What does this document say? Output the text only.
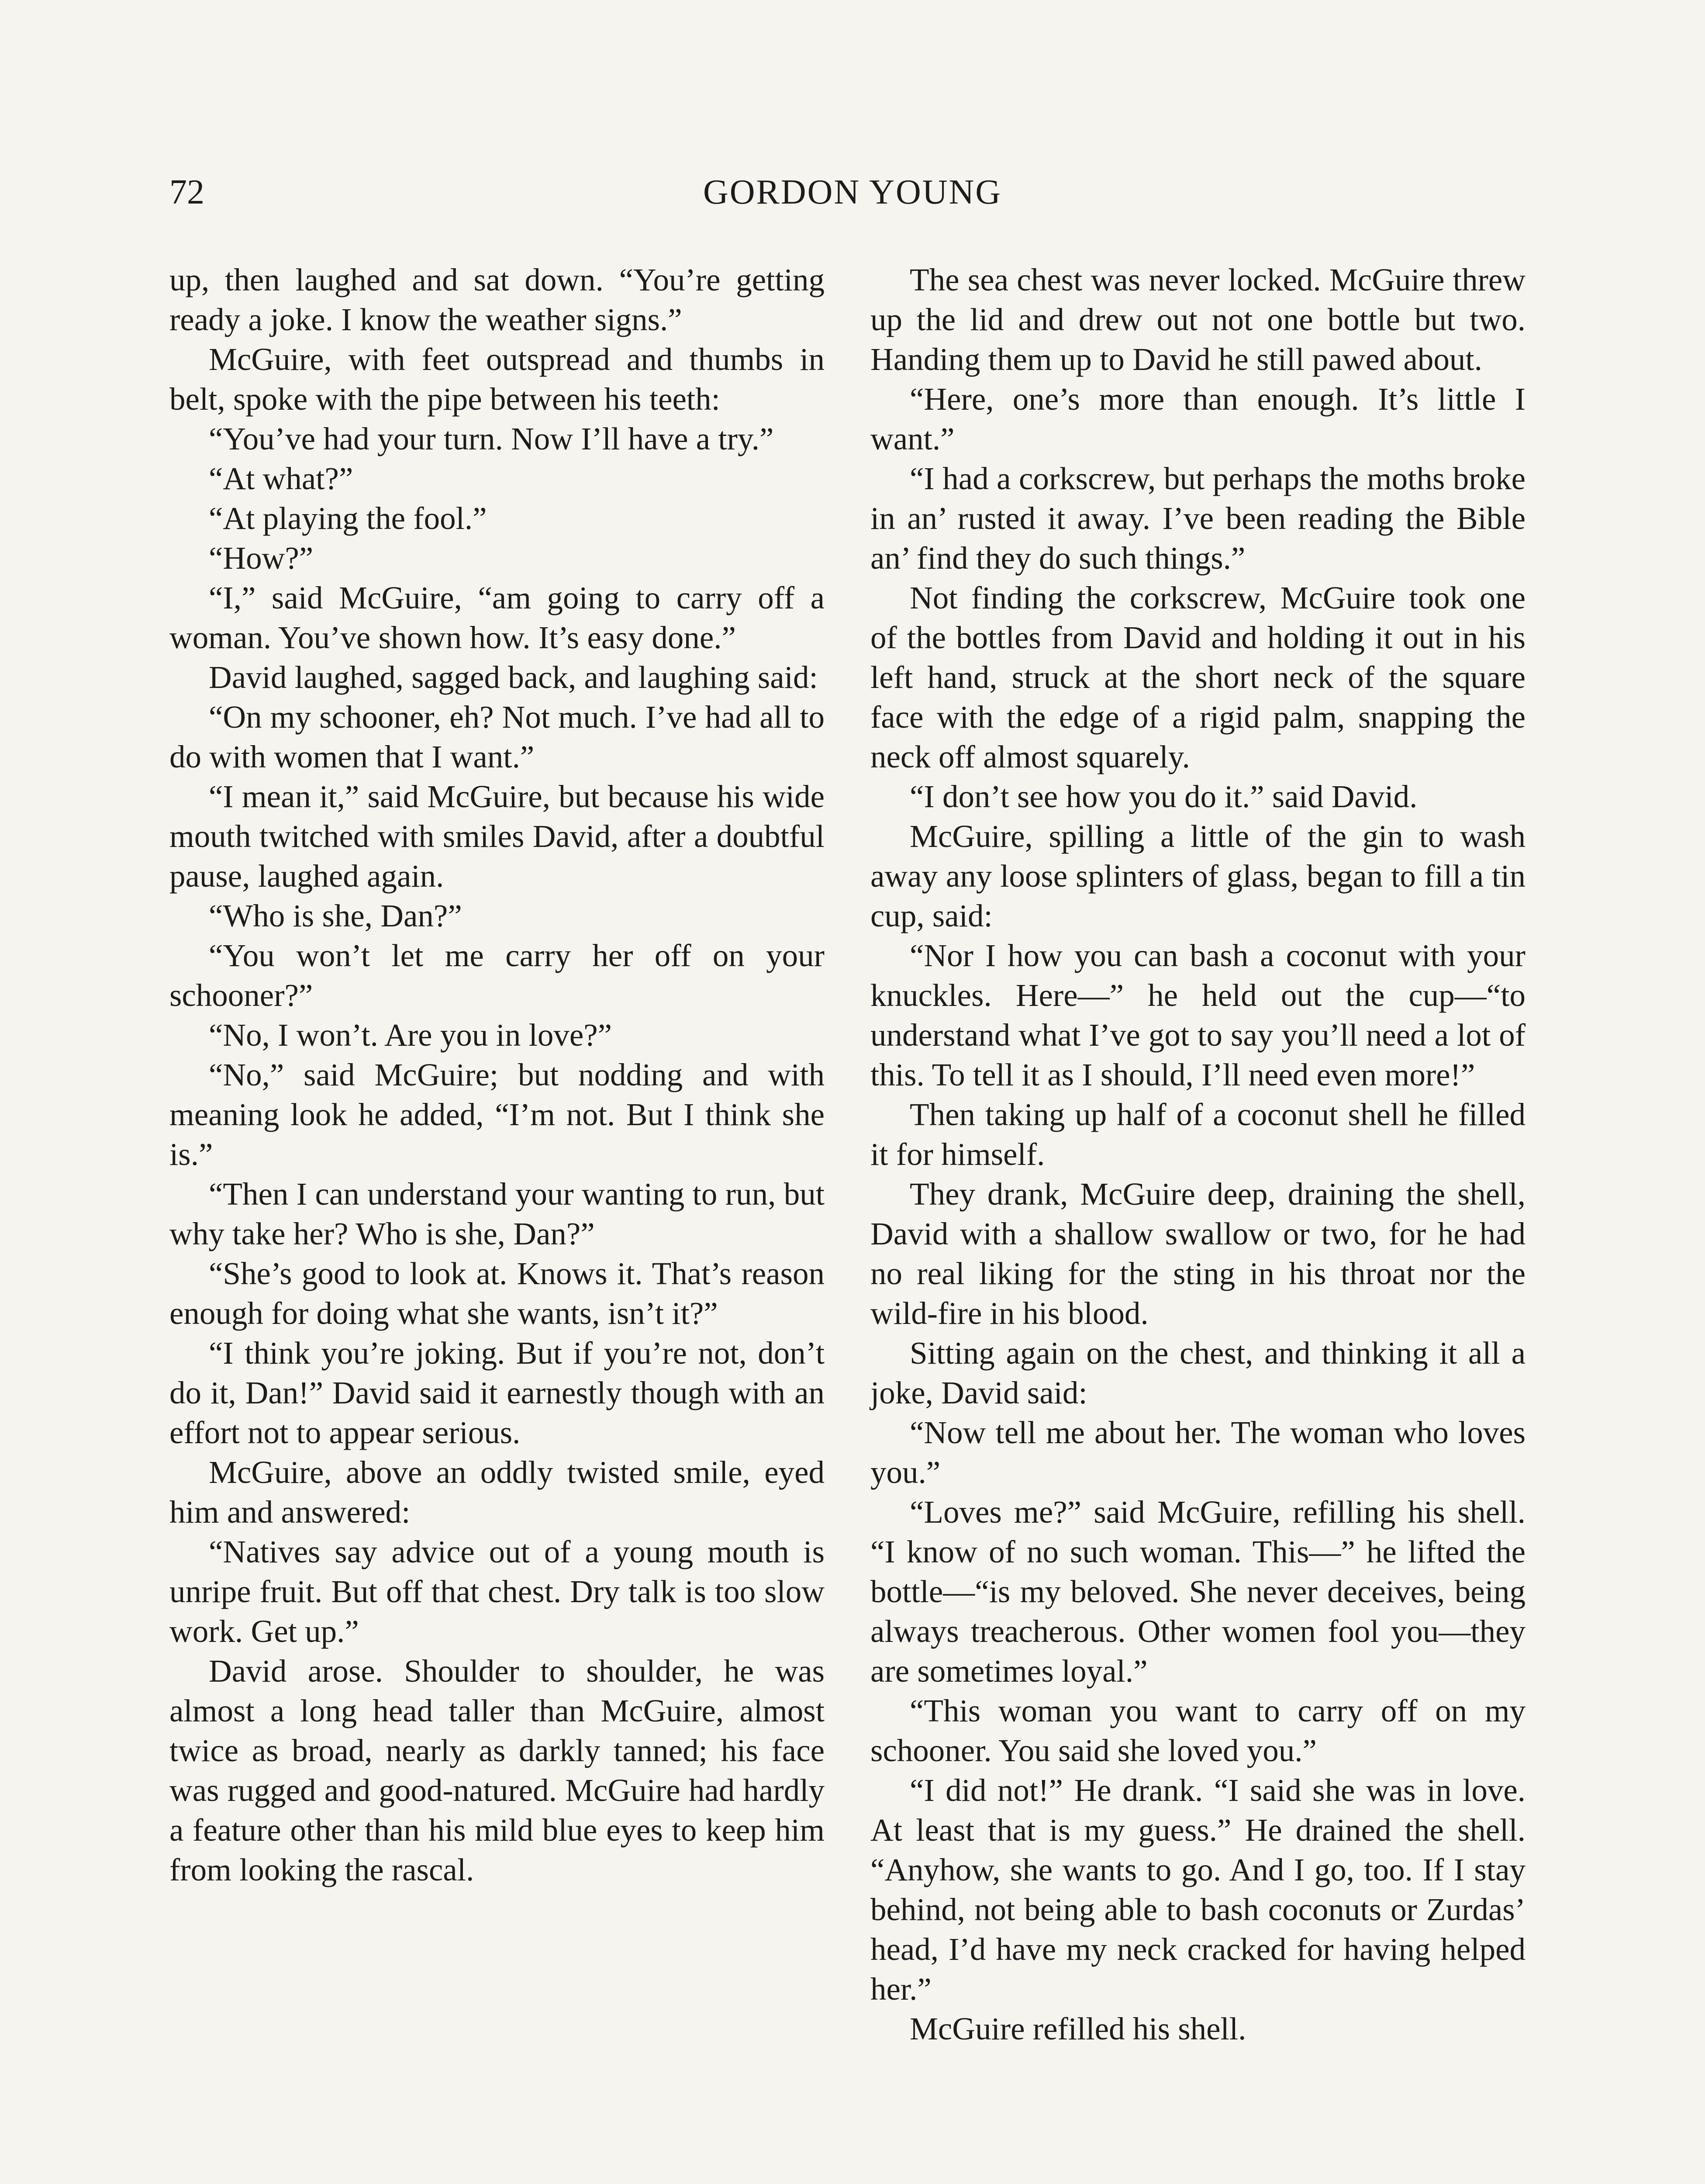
72	GORDON YOUNG

up, then laughed and sat down. “You’re getting ready a joke. I know the weather signs.”

McGuire, with feet outspread and thumbs in belt, spoke with the pipe between his teeth:

“You’ve had your turn. Now I’ll have a try.”

“At what?”

“At playing the fool.”

“How?”

“I,” said McGuire, “am going to carry off a woman. You’ve shown how. It’s easy done.”

David laughed, sagged back, and laughing said:

“On my schooner, eh? Not much. I’ve had all to do with women that I want.”

“I mean it,” said McGuire, but because his wide mouth twitched with smiles David, after a doubtful pause, laughed again.

“Who is she, Dan?”

“You won’t let me carry her off on your schooner?”

“No, I won’t. Are you in love?”

“No,” said McGuire; but nodding and with meaning look he added, “I’m not. But I think she is.”

“Then I can understand your wanting to run, but why take her? Who is she, Dan?”

“She’s good to look at. Knows it. That’s reason enough for doing what she wants, isn’t it?”

“I think you’re joking. But if you’re not, don’t do it, Dan!” David said it earnestly though with an effort not to appear serious.

McGuire, above an oddly twisted smile, eyed him and answered:

“Natives say advice out of a young mouth is unripe fruit. But off that chest. Dry talk is too slow work. Get up.”

David arose. Shoulder to shoulder, he was almost a long head taller than McGuire, almost twice as broad, nearly as darkly tanned; his face was rugged and good-natured. McGuire had hardly a feature other than his mild blue eyes to keep him from looking the rascal.

The sea chest was never locked. McGuire threw up the lid and drew out not one bottle but two. Handing them up to David he still pawed about.

“Here, one’s more than enough. It’s little I want.”

“I had a corkscrew, but perhaps the moths broke in an’ rusted it away. I’ve been reading the Bible an’ find they do such things.”

Not finding the corkscrew, McGuire took one of the bottles from David and holding it out in his left hand, struck at the short neck of the square face with the edge of a rigid palm, snapping the neck off almost squarely.

“I don’t see how you do it.” said David.

McGuire, spilling a little of the gin to wash away any loose splinters of glass, began to fill a tin cup, said:

“Nor I how you can bash a coconut with your knuckles. Here—” he held out the cup—“to understand what I’ve got to say you’ll need a lot of this. To tell it as I should, I’ll need even more!”

Then taking up half of a coconut shell he filled it for himself.

They drank, McGuire deep, draining the shell, David with a shallow swallow or two, for he had no real liking for the sting in his throat nor the wild-fire in his blood.

Sitting again on the chest, and thinking it all a joke, David said:

“Now tell me about her. The woman who loves you.”

“Loves me?” said McGuire, refilling his shell. “I know of no such woman. This—” he lifted the bottle—“is my beloved. She never deceives, being always treacherous. Other women fool you—they are sometimes loyal.”

“This woman you want to carry off on my schooner. You said she loved you.”

“I did not!” He drank. “I said she was in love. At least that is my guess.” He drained the shell. “Anyhow, she wants to go. And I go, too. If I stay behind, not being able to bash coconuts or Zurdas’ head, I’d have my neck cracked for having helped her.”

McGuire refilled his shell.
